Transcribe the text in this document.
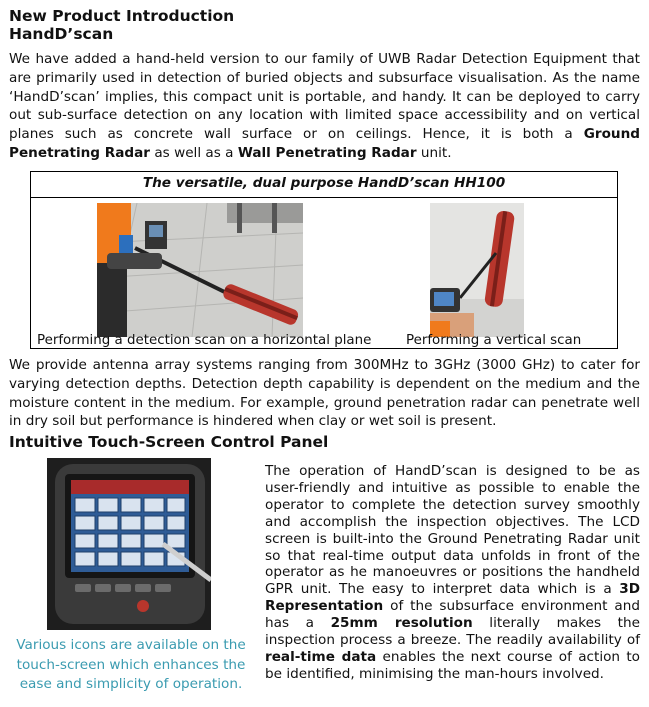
New Product Introduction
HandD’scan
We have added a hand-held version to our family of UWB Radar Detection Equipment that are primarily used in detection of buried objects and subsurface visualisation. As the name ‘HandD’scan’ implies, this compact unit is portable, and handy. It can be deployed to carry out sub-surface detection on any location with limited space accessibility and on vertical planes such as concrete wall surface or on ceilings. Hence, it is both a Ground Penetrating Radar as well as a Wall Penetrating Radar unit.
The versatile, dual purpose HandD’scan HH100
Performing a detection scan on a horizontal plane	Performing a vertical scan
We provide antenna array systems ranging from 300MHz to 3GHz (3000 GHz) to cater for varying detection depths. Detection depth capability is dependent on the medium and the moisture content in the medium. For example, ground penetration radar can penetrate well in dry soil but performance is hindered when clay or wet soil is present.
Intuitive Touch-Screen Control Panel
Various icons are available on the touch-screen which enhances the ease and simplicity of operation.
The operation of HandD’scan is designed to be as user-friendly and intuitive as possible to enable the operator to complete the detection survey smoothly and accomplish the inspection objectives. The LCD screen is built-into the Ground Penetrating Radar unit so that real-time output data unfolds in front of the operator as he manoeuvres or positions the handheld GPR unit. The easy to interpret data which is a 3D Representation of the subsurface environment and has a 25mm resolution literally makes the inspection process a breeze. The readily availability of real-time data enables the next course of action to be identified, minimising the man-hours involved.
